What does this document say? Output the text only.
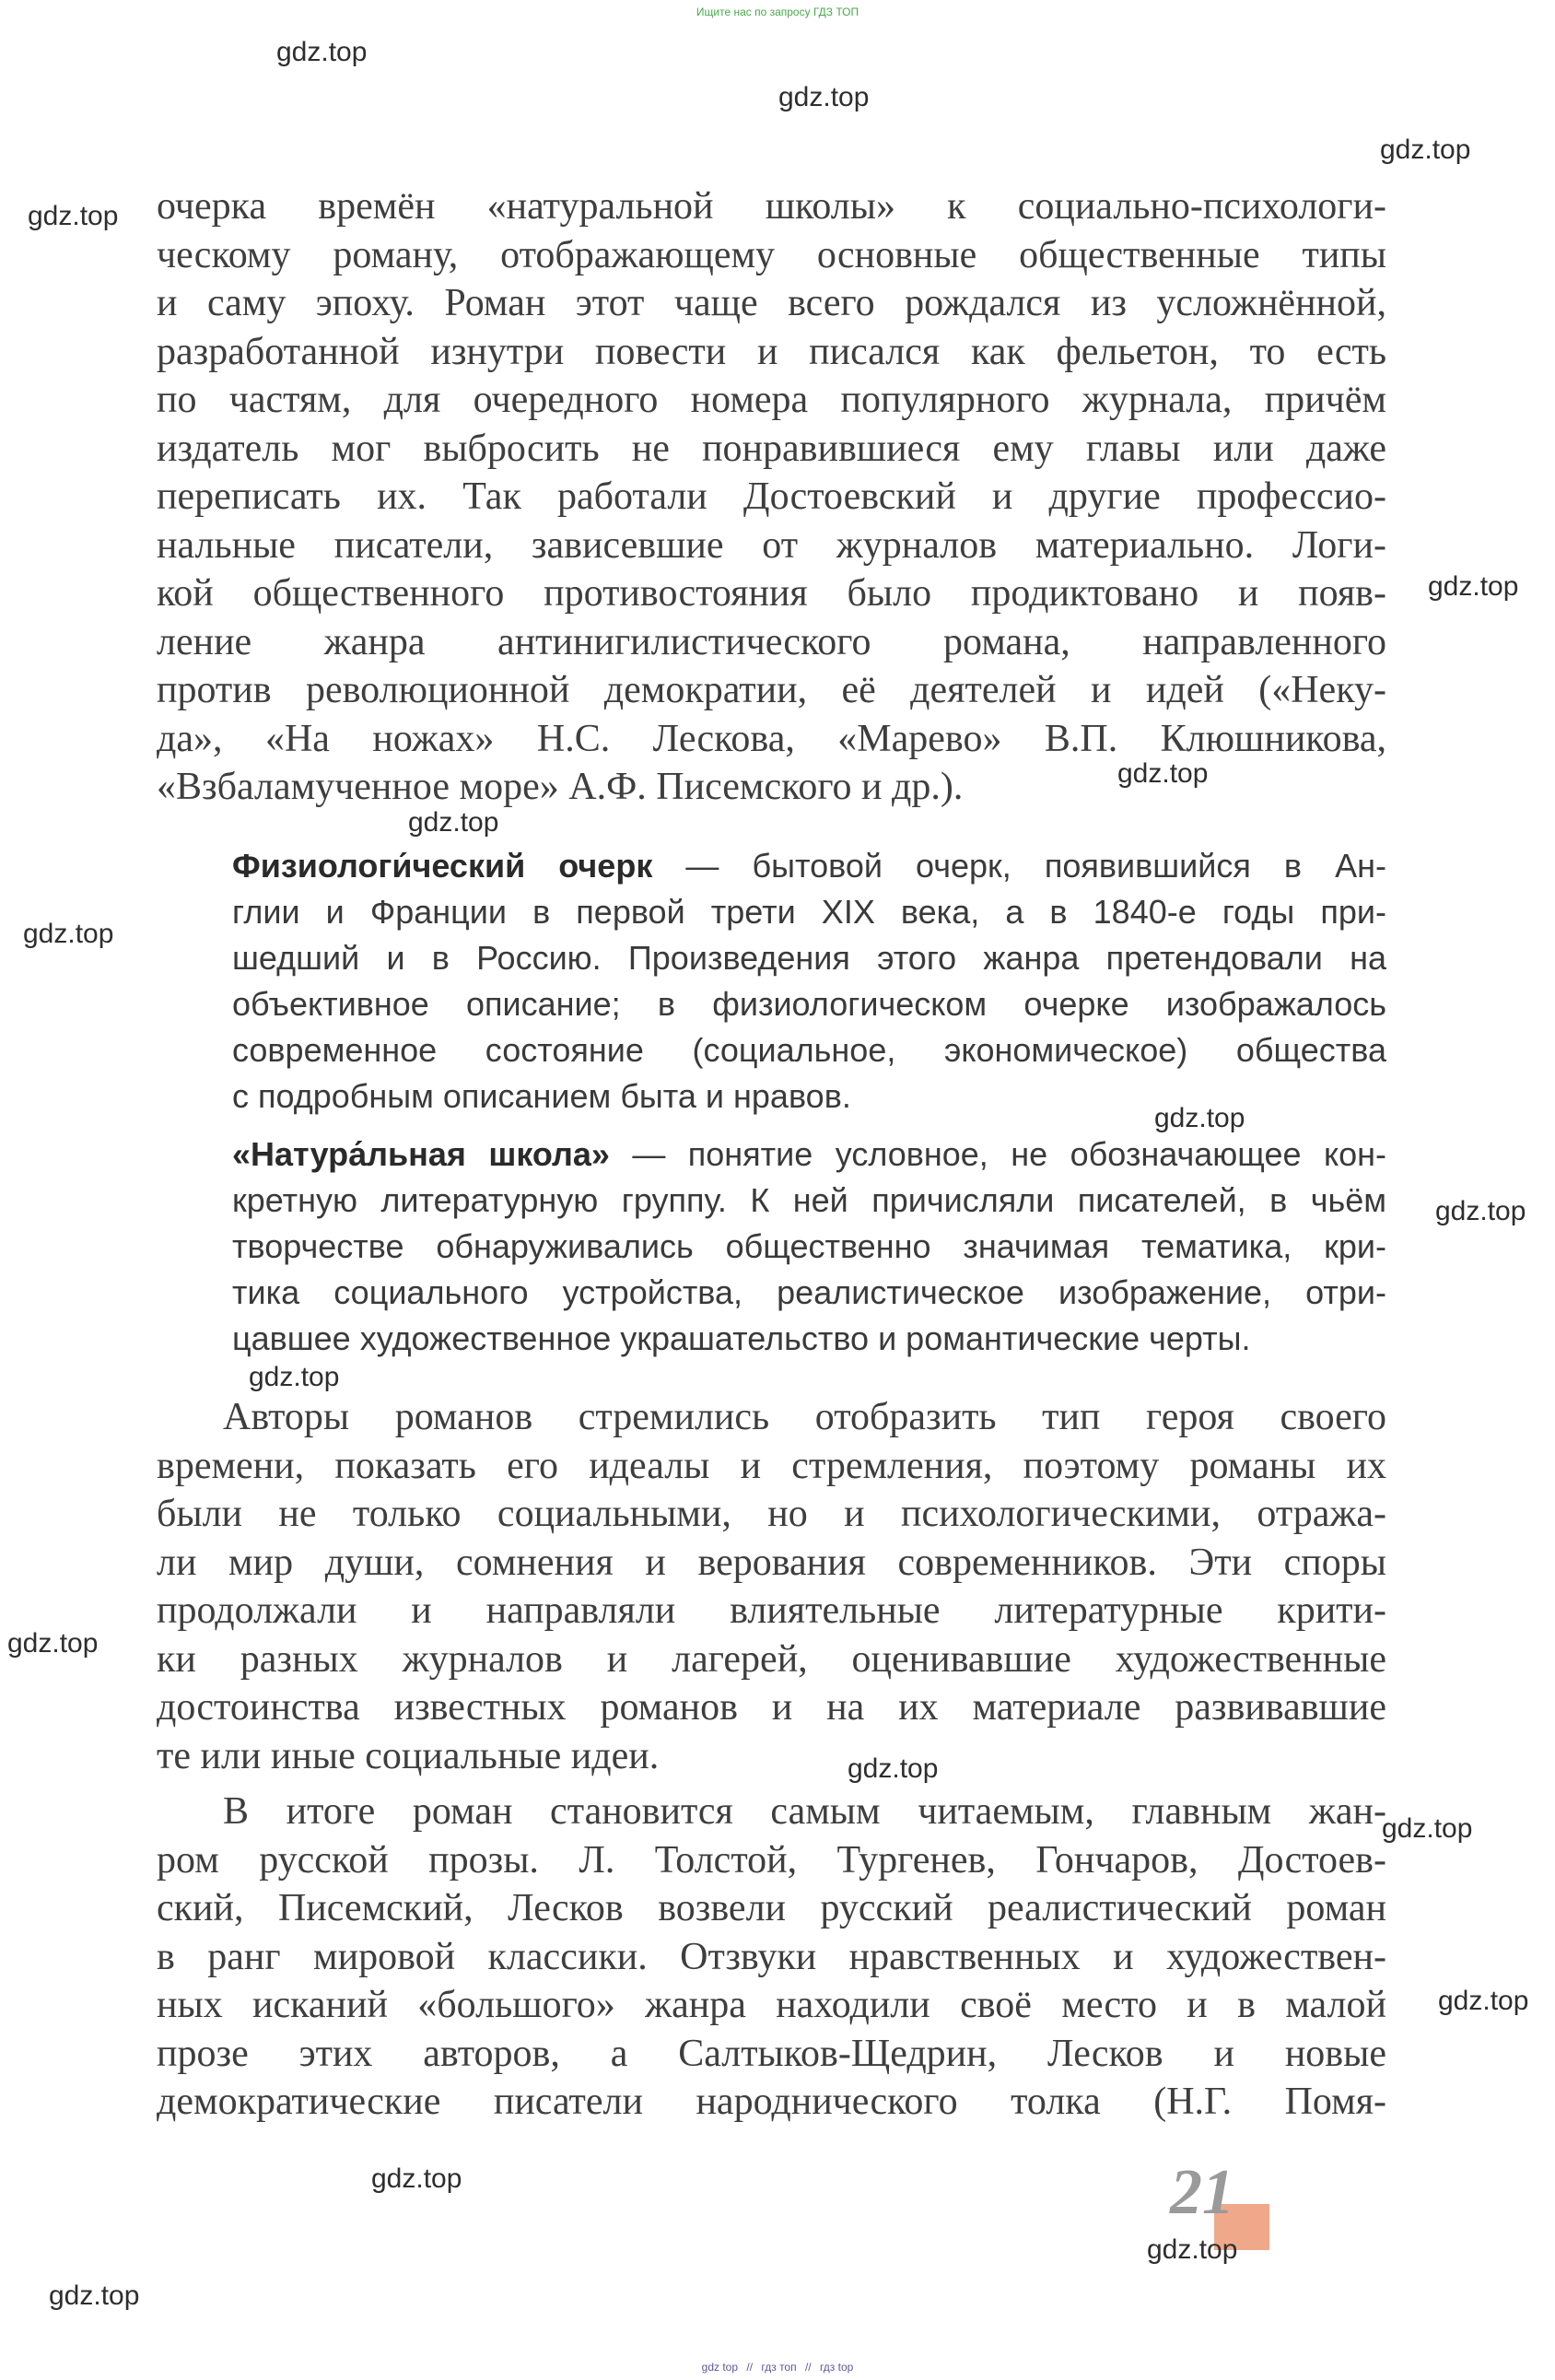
Ищите нас по запросу ГДЗ ТОП
gdz.top
gdz.top
gdz.top
gdz.top
gdz.top
gdz.top
gdz.top
gdz.top
gdz.top
gdz.top
gdz.top
gdz.top
gdz.top
gdz.top
gdz.top
gdz.top
gdz.top
gdz.top
очерка времён «натуральной школы» к социально-психологи-
ческому роману, отображающему основные общественные типы
и саму эпоху. Роман этот чаще всего рождался из усложнённой,
разработанной изнутри повести и писался как фельетон, то есть
по частям, для очередного номера популярного журнала, причём
издатель мог выбросить не понравившиеся ему главы или даже
переписать их. Так работали Достоевский и другие профессио-
нальные писатели, зависевшие от журналов материально. Логи-
кой общественного противостояния было продиктовано и появ-
ление жанра антинигилистического романа, направленного
против революционной демократии, её деятелей и идей («Неку-
да», «На ножах» Н.С. Лескова, «Марево» В.П. Клюшникова,
«Взбаламученное море» А.Ф. Писемского и др.).
Физиологи́ческий очерк — бытовой очерк, появившийся в Ан-
глии и Франции в первой трети XIX века, а в 1840-е годы при-
шедший и в Россию. Произведения этого жанра претендовали на
объективное описание; в физиологическом очерке изображалось
современное состояние (социальное, экономическое) общества
с подробным описанием быта и нравов.
«Натура́льная школа» — понятие условное, не обозначающее кон-
кретную литературную группу. К ней причисляли писателей, в чьём
творчестве обнаруживались общественно значимая тематика, кри-
тика социального устройства, реалистическое изображение, отри-
цавшее художественное украшательство и романтические черты.
Авторы романов стремились отобразить тип героя своего
времени, показать его идеалы и стремления, поэтому романы их
были не только социальными, но и психологическими, отража-
ли мир души, сомнения и верования современников. Эти споры
продолжали и направляли влиятельные литературные крити-
ки разных журналов и лагерей, оценивавшие художественные
достоинства известных романов и на их материале развивавшие
те или иные социальные идеи.
В итоге роман становится самым читаемым, главным жан-
ром русской прозы. Л. Толстой, Тургенев, Гончаров, Достоев-
ский, Писемский, Лесков возвели русский реалистический роман
в ранг мировой классики. Отзвуки нравственных и художествен-
ных исканий «большого» жанра находили своё место и в малой
прозе этих авторов, а Салтыков-Щедрин, Лесков и новые
демократические писатели народнического толка (Н.Г. Помя-
21
gdz top // гдз топ // гдз top
